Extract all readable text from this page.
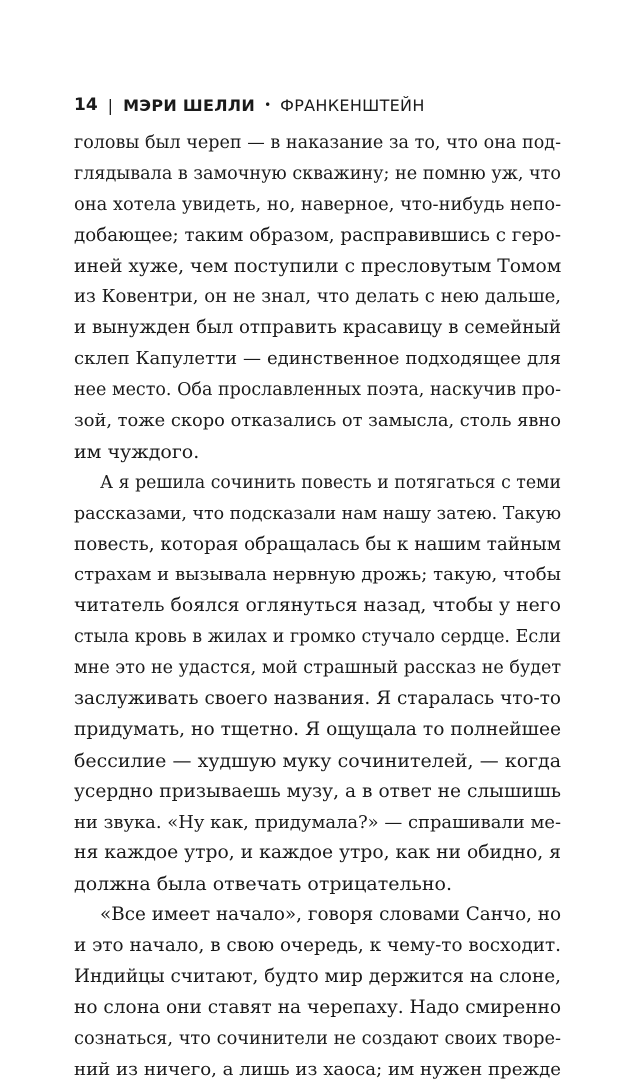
14 | МЭРИ ШЕЛЛИ • ФРАНКЕНШТЕЙН
головы был череп — в наказание за то, что она под-
глядывала в замочную скважину; не помню уж, что
она хотела увидеть, но, наверное, что-нибудь непо-
добающее; таким образом, расправившись с геро-
иней хуже, чем поступили с пресловутым Томом
из Ковентри, он не знал, что делать с нею дальше,
и вынужден был отправить красавицу в семейный
склеп Капулетти — единственное подходящее для
нее место. Оба прославленных поэта, наскучив про-
зой, тоже скоро отказались от замысла, столь явно
им чуждого.
А я решила сочинить повесть и потягаться с теми
рассказами, что подсказали нам нашу затею. Такую
повесть, которая обращалась бы к нашим тайным
страхам и вызывала нервную дрожь; такую, чтобы
читатель боялся оглянуться назад, чтобы у него
стыла кровь в жилах и громко стучало сердце. Если
мне это не удастся, мой страшный рассказ не будет
заслуживать своего названия. Я старалась что-то
придумать, но тщетно. Я ощущала то полнейшее
бессилие — худшую муку сочинителей, — когда
усердно призываешь музу, а в ответ не слышишь
ни звука. «Ну как, придумала?» — спрашивали ме-
ня каждое утро, и каждое утро, как ни обидно, я
должна была отвечать отрицательно.
«Все имеет начало», говоря словами Санчо, но
и это начало, в свою очередь, к чему-то восходит.
Индийцы считают, будто мир держится на слоне,
но слона они ставят на черепаху. Надо смиренно
сознаться, что сочинители не создают своих творе-
ний из ничего, а лишь из хаоса; им нужен прежде
